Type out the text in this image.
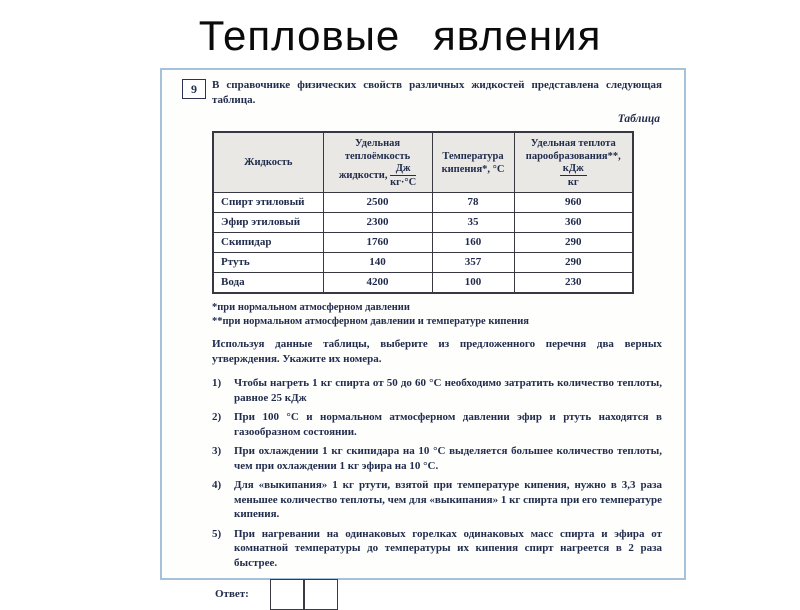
Тепловые явления
9	В справочнике физических свойств различных жидкостей представлена следующая таблица.

Таблица
Жидкость	Удельная теплоёмкость жидкости, $\frac{Дж}{кг\cdot^\circ С}$	Температура кипения*, °С	Удельная теплота парообразования**,
$\frac{\text{кДж}}{кг}$

Спирт этиловый	2500	78	960
Эфир этиловый	2300	35	360
Скипидар	1760	160	290
Ртуть	140	357	290
Вода	4200	100	230
*при нормальном атмосферном давлении
**при нормальном атмосферном давлении и температуре кипения

Используя данные таблицы, выберите из предложенного перечня два верных утверждения. Укажите их номера.

1)	Чтобы нагреть 1 кг спирта от 50 до 60 °С необходимо затратить количество теплоты, равное 25 кДж
2)	При 100 °С и нормальном атмосферном давлении эфир и ртуть находятся в газообразном состоянии.
3)	При охлаждении 1 кг скипидара на 10 °С выделяется большее количество теплоты, чем при охлаждении 1 кг эфира на 10 °С.
4)	Для «выкипания» 1 кг ртути, взятой при температуре кипения, нужно в 3,3 раза меньшее количество теплоты, чем для «выкипания» 1 кг спирта при его температуре кипения.
5)	При нагревании на одинаковых горелках одинаковых масс спирта и эфира от комнатной температуры до температуры их кипения спирт нагреется в 2 раза быстрее.
Ответ:
